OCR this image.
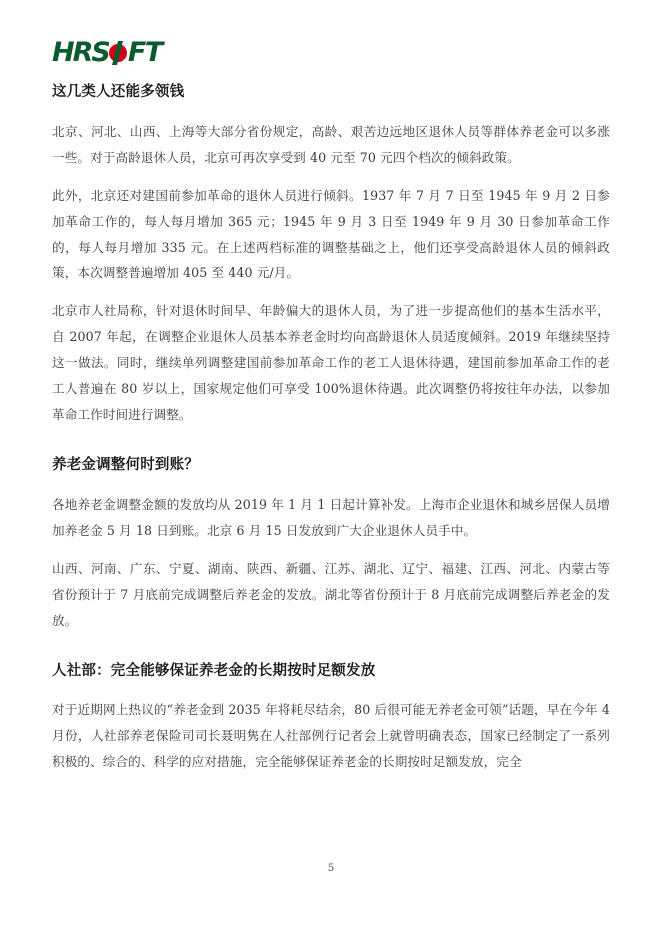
HRS FT
这几类人还能多领钱

北京、河北、山西、上海等大部分省份规定，高龄、艰苦边远地区退休人员等群体养老金可以多涨一些。对于高龄退休人员，北京可再次享受到 40 元至 70 元四个档次的倾斜政策。

此外，北京还对建国前参加革命的退休人员进行倾斜。1937 年 7 月 7 日至 1945 年 9 月 2 日参加革命工作的，每人每月增加 365 元；1945 年 9 月 3 日至 1949 年 9 月 30 日参加革命工作的，每人每月增加 335 元。在上述两档标准的调整基础之上，他们还享受高龄退休人员的倾斜政策，本次调整普遍增加 405 至 440 元/月。

北京市人社局称，针对退休时间早、年龄偏大的退休人员，为了进一步提高他们的基本生活水平，自 2007 年起，在调整企业退休人员基本养老金时均向高龄退休人员适度倾斜。2019 年继续坚持这一做法。同时，继续单列调整建国前参加革命工作的老工人退休待遇，建国前参加革命工作的老工人普遍在 80 岁以上，国家规定他们可享受 100%退休待遇。此次调整仍将按往年办法，以参加革命工作时间进行调整。

养老金调整何时到账？

各地养老金调整金额的发放均从 2019 年 1 月 1 日起计算补发。上海市企业退休和城乡居保人员增加养老金 5 月 18 日到账。北京 6 月 15 日发放到广大企业退休人员手中。

山西、河南、广东、宁夏、湖南、陕西、新疆、江苏、湖北、辽宁、福建、江西、河北、内蒙古等省份预计于 7 月底前完成调整后养老金的发放。湖北等省份预计于 8 月底前完成调整后养老金的发放。

人社部：完全能够保证养老金的长期按时足额发放

对于近期网上热议的“养老金到 2035 年将耗尽结余，80 后很可能无养老金可领”话题，早在今年 4 月份，人社部养老保险司司长聂明隽在人社部例行记者会上就曾明确表态，国家已经制定了一系列积极的、综合的、科学的应对措施，完全能够保证养老金的长期按时足额发放，完全

5
